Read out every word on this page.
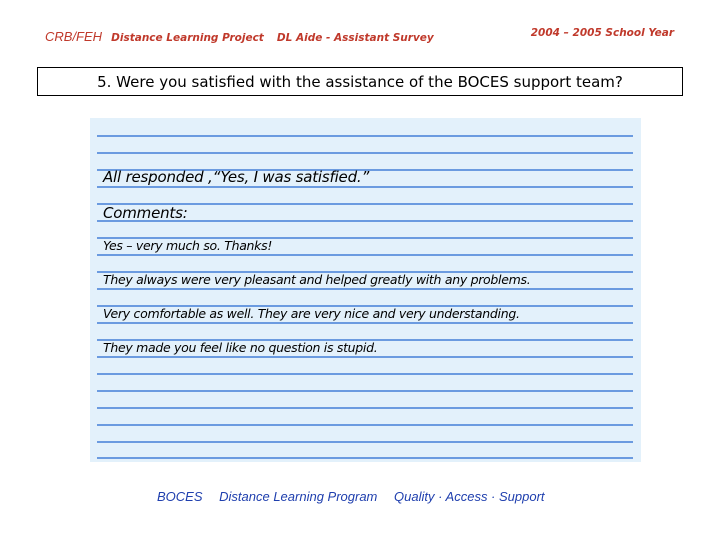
CRB/FEH Distance Learning Project DL Aide - Assistant Survey	2004 – 2005 School Year
5. Were you satisfied with the assistance of the BOCES support team?
All responded ,“Yes, I was satisfied.”
Comments:
Yes – very much so. Thanks!
They always were very pleasant and helped greatly with any problems.
Very comfortable as well. They are very nice and very understanding.
They made you feel like no question is stupid.
BOCES Distance Learning Program Quality · Access · Support
